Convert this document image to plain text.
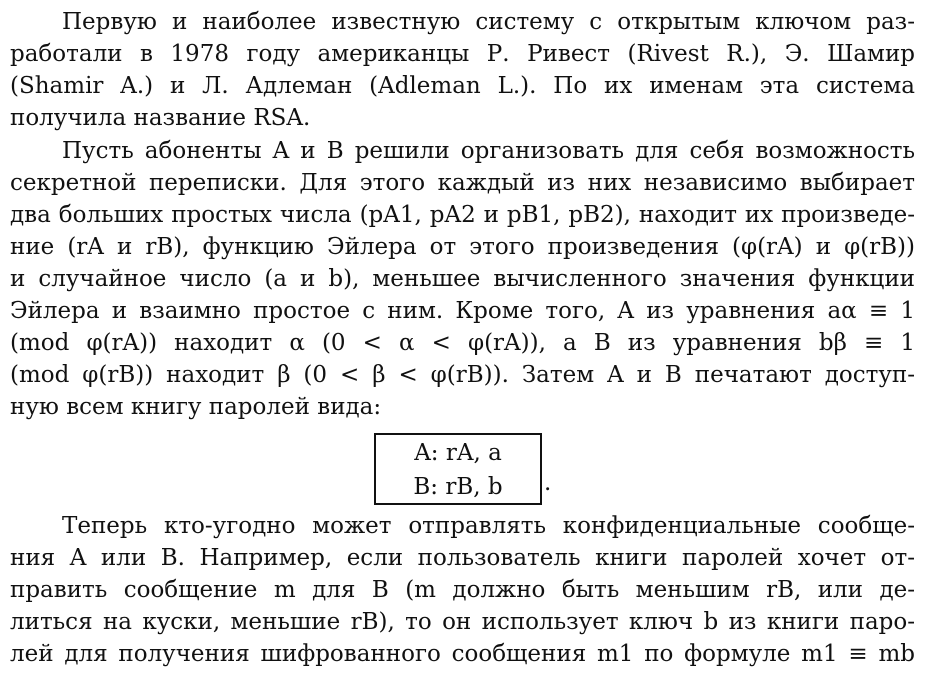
Первую и наиболее известную систему с открытым ключом раз-
работали в 1978 году американцы Р. Ривест (Rivest R.), Э. Шамир
(Shamir A.) и Л. Адлеман (Adleman L.). По их именам эта система
получила название RSA.
Пусть абоненты A и B решили организовать для себя возможность
секретной переписки. Для этого каждый из них независимо выбирает
два больших простых числа (pA1, pA2 и pB1, pB2), находит их произведе-
ние (rA и rB), функцию Эйлера от этого произведения (φ(rA) и φ(rB))
и случайное число (a и b), меньшее вычисленного значения функции
Эйлера и взаимно простое с ним. Кроме того, A из уравнения aα ≡ 1
(mod φ(rA)) находит α (0 < α < φ(rA)), а B из уравнения bβ ≡ 1
(mod φ(rB)) находит β (0 < β < φ(rB)). Затем A и B печатают доступ-
ную всем книгу паролей вида:
A: rA, a
B: rB, b	.
Теперь кто-угодно может отправлять конфиденциальные сообще-
ния A или B. Например, если пользователь книги паролей хочет от-
править сообщение m для B (m должно быть меньшим rB, или де-
литься на куски, меньшие rB), то он использует ключ b из книги паро-
лей для получения шифрованного сообщения m1 по формуле m1 ≡ mb
